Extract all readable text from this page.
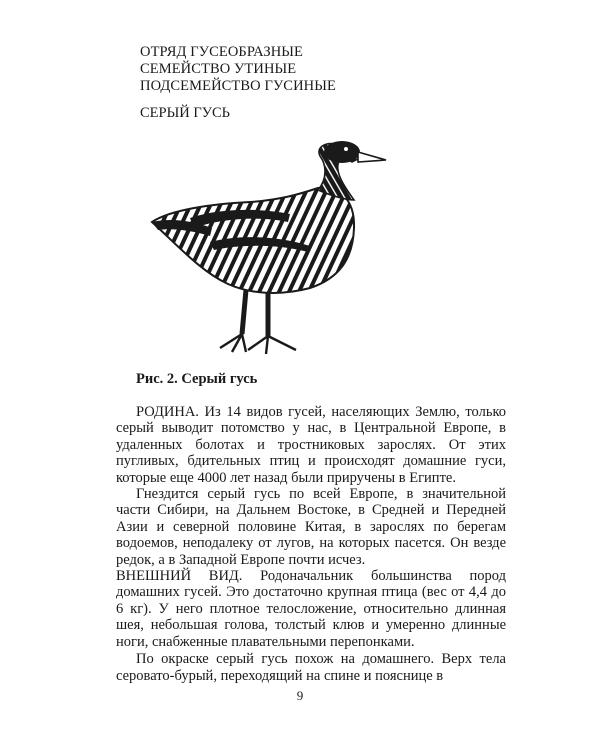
ОТРЯД ГУСЕОБРАЗНЫЕ
СЕМЕЙСТВО УТИНЫЕ
ПОДСЕМЕЙСТВО ГУСИНЫЕ
СЕРЫЙ ГУСЬ
Рис. 2. Серый гусь

РОДИНА. Из 14 видов гусей, населяющих Землю, только серый выводит потомство у нас, в Центральной Европе, в удаленных болотах и тростниковых зарослях. От этих пугливых, бдительных птиц и происходят домашние гуси, которые еще 4000 лет назад были приручены в Египте.

Гнездится серый гусь по всей Европе, в значительной части Сибири, на Дальнем Востоке, в Средней и Передней Азии и северной половине Китая, в зарослях по берегам водоемов, неподалеку от лугов, на которых пасется. Он везде редок, а в Западной Европе почти исчез.

ВНЕШНИЙ ВИД. Родоначальник большинства пород домашних гусей. Это достаточно крупная птица (вес от 4,4 до 6 кг). У него плотное телосложение, относительно длинная шея, небольшая голова, толстый клюв и умеренно длинные ноги, снабженные плавательными перепонками.

По окраске серый гусь похож на домашнего. Верх тела серовато-бурый, переходящий на спине и пояснице в

9
